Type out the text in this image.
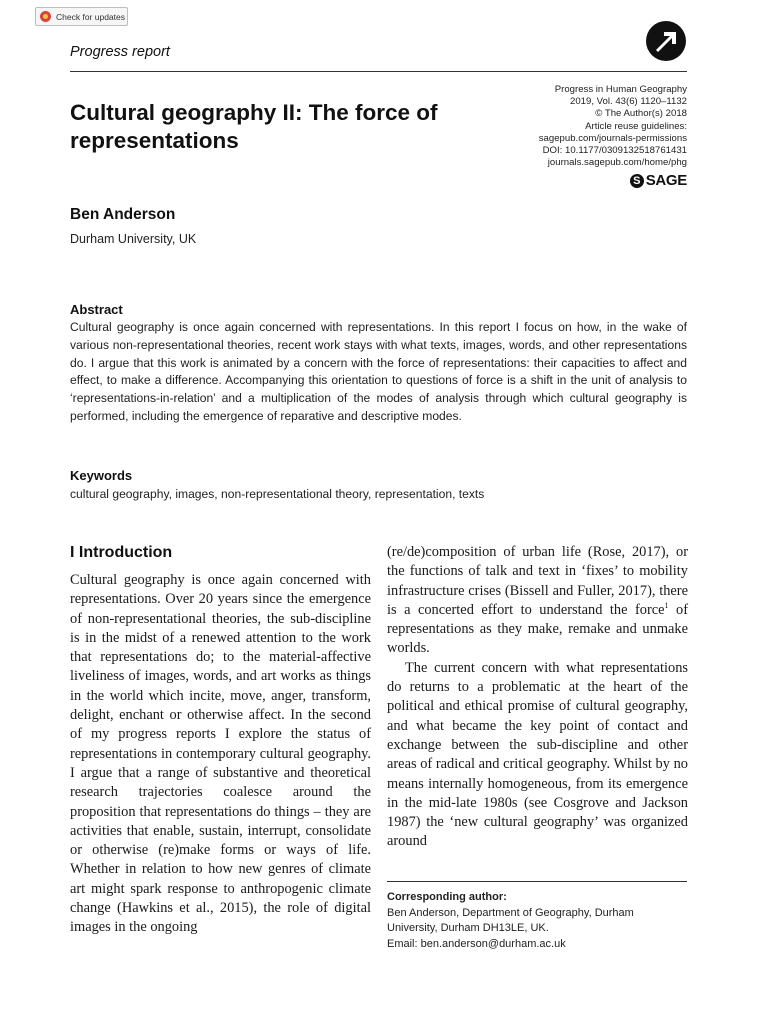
Check for updates
Progress report
Progress in Human Geography
2019, Vol. 43(6) 1120–1132
© The Author(s) 2018
Article reuse guidelines:
sagepub.com/journals-permissions
DOI: 10.1177/0309132518761431
journals.sagepub.com/home/phg
S SAGE
Cultural geography II: The force of representations
Ben Anderson
Durham University, UK
Abstract
Cultural geography is once again concerned with representations. In this report I focus on how, in the wake of various non-representational theories, recent work stays with what texts, images, words, and other representations do. I argue that this work is animated by a concern with the force of representations: their capacities to affect and effect, to make a difference. Accompanying this orientation to questions of force is a shift in the unit of analysis to ‘representations-in-relation’ and a multiplication of the modes of analysis through which cultural geography is performed, including the emergence of reparative and descriptive modes.
Keywords
cultural geography, images, non-representational theory, representation, texts
I Introduction

Cultural geography is once again concerned with representations. Over 20 years since the emergence of non-representational theories, the sub-discipline is in the midst of a renewed attention to the work that representations do; to the material-affective liveliness of images, words, and art works as things in the world which incite, move, anger, transform, delight, enchant or otherwise affect. In the second of my progress reports I explore the status of representations in contemporary cultural geography. I argue that a range of substantive and theoretical research trajectories coalesce around the proposition that representations do things – they are activities that enable, sustain, interrupt, consolidate or otherwise (re)make forms or ways of life. Whether in relation to how new genres of climate art might spark response to anthropogenic climate change (Hawkins et al., 2015), the role of digital images in the ongoing

(re/de)composition of urban life (Rose, 2017), or the functions of talk and text in ‘fixes’ to mobility infrastructure crises (Bissell and Fuller, 2017), there is a concerted effort to understand the force$^1$ of representations as they make, remake and unmake worlds.

The current concern with what representations do returns to a problematic at the heart of the political and ethical promise of cultural geography, and what became the key point of contact and exchange between the sub-discipline and other areas of radical and critical geography. Whilst by no means internally homogeneous, from its emergence in the mid-late 1980s (see Cosgrove and Jackson 1987) the ‘new cultural geography’ was organized around

Corresponding author:
Ben Anderson, Department of Geography, Durham University, Durham DH13LE, UK.
Email: ben.anderson@durham.ac.uk
